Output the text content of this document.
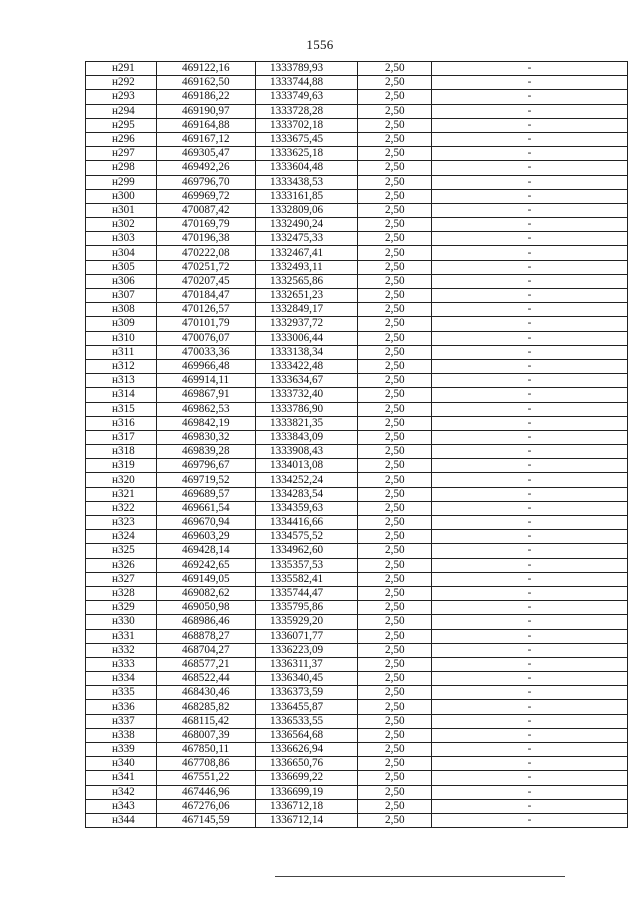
1556
н291	469122,16	1333789,93	2,50	-
н292	469162,50	1333744,88	2,50	-
н293	469186,22	1333749,63	2,50	-
н294	469190,97	1333728,28	2,50	-
н295	469164,88	1333702,18	2,50	-
н296	469167,12	1333675,45	2,50	-
н297	469305,47	1333625,18	2,50	-
н298	469492,26	1333604,48	2,50	-
н299	469796,70	1333438,53	2,50	-
н300	469969,72	1333161,85	2,50	-
н301	470087,42	1332809,06	2,50	-
н302	470169,79	1332490,24	2,50	-
н303	470196,38	1332475,33	2,50	-
н304	470222,08	1332467,41	2,50	-
н305	470251,72	1332493,11	2,50	-
н306	470207,45	1332565,86	2,50	-
н307	470184,47	1332651,23	2,50	-
н308	470126,57	1332849,17	2,50	-
н309	470101,79	1332937,72	2,50	-
н310	470076,07	1333006,44	2,50	-
н311	470033,36	1333138,34	2,50	-
н312	469966,48	1333422,48	2,50	-
н313	469914,11	1333634,67	2,50	-
н314	469867,91	1333732,40	2,50	-
н315	469862,53	1333786,90	2,50	-
н316	469842,19	1333821,35	2,50	-
н317	469830,32	1333843,09	2,50	-
н318	469839,28	1333908,43	2,50	-
н319	469796,67	1334013,08	2,50	-
н320	469719,52	1334252,24	2,50	-
н321	469689,57	1334283,54	2,50	-
н322	469661,54	1334359,63	2,50	-
н323	469670,94	1334416,66	2,50	-
н324	469603,29	1334575,52	2,50	-
н325	469428,14	1334962,60	2,50	-
н326	469242,65	1335357,53	2,50	-
н327	469149,05	1335582,41	2,50	-
н328	469082,62	1335744,47	2,50	-
н329	469050,98	1335795,86	2,50	-
н330	468986,46	1335929,20	2,50	-
н331	468878,27	1336071,77	2,50	-
н332	468704,27	1336223,09	2,50	-
н333	468577,21	1336311,37	2,50	-
н334	468522,44	1336340,45	2,50	-
н335	468430,46	1336373,59	2,50	-
н336	468285,82	1336455,87	2,50	-
н337	468115,42	1336533,55	2,50	-
н338	468007,39	1336564,68	2,50	-
н339	467850,11	1336626,94	2,50	-
н340	467708,86	1336650,76	2,50	-
н341	467551,22	1336699,22	2,50	-
н342	467446,96	1336699,19	2,50	-
н343	467276,06	1336712,18	2,50	-
н344	467145,59	1336712,14	2,50	-
